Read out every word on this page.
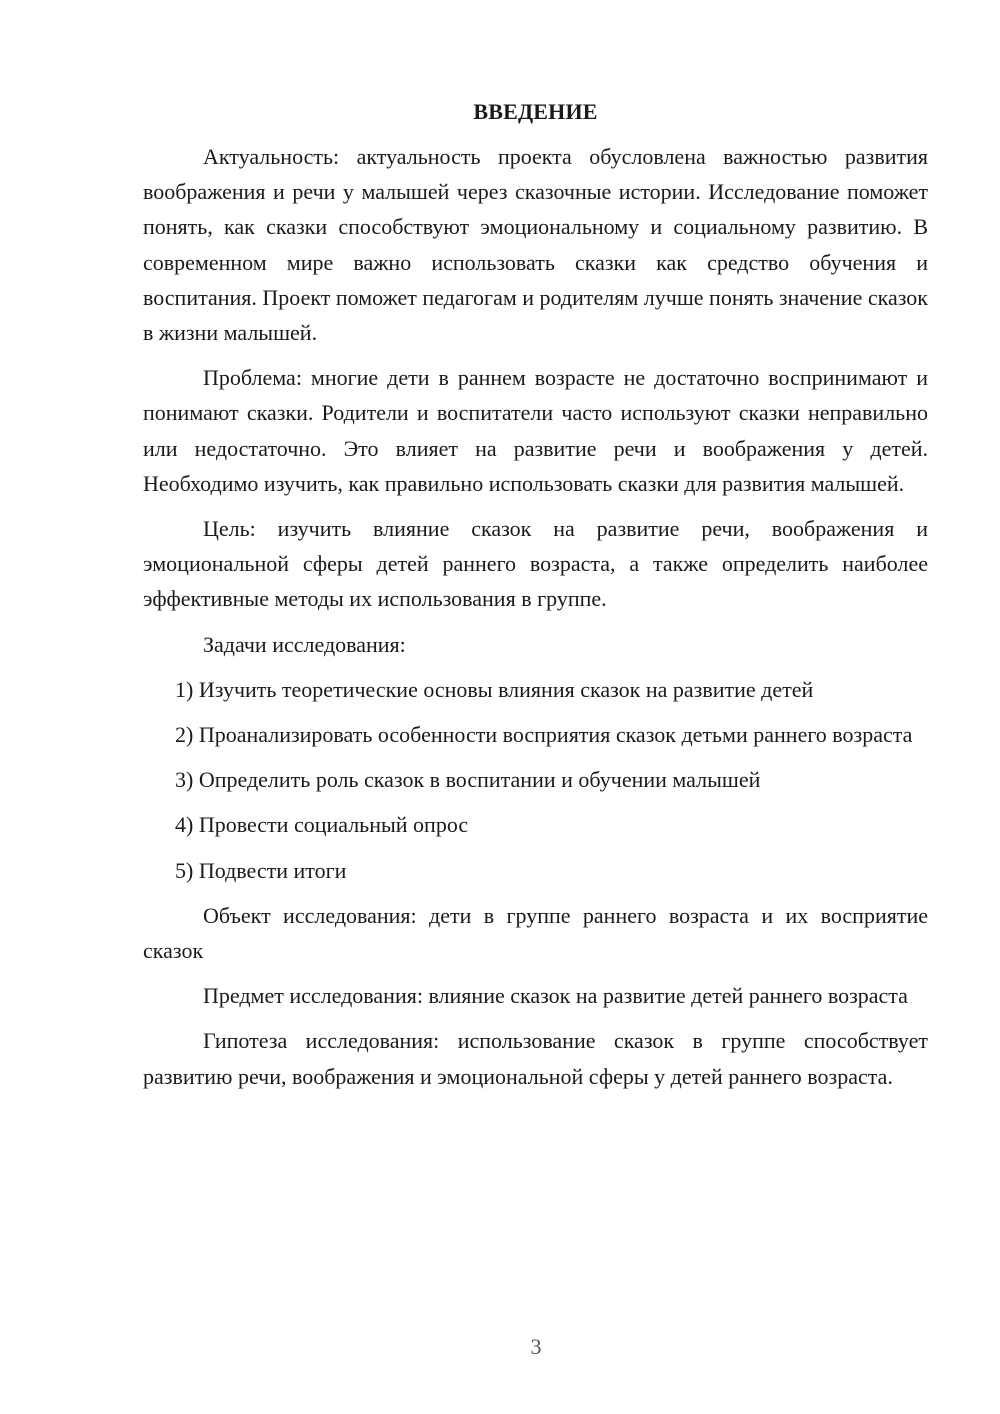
ВВЕДЕНИЕ

Актуальность: актуальность проекта обусловлена важностью развития воображения и речи у малышей через сказочные истории. Исследование поможет понять, как сказки способствуют эмоциональному и социальному развитию. В современном мире важно использовать сказки как средство обучения и воспитания. Проект поможет педагогам и родителям лучше понять значение сказок в жизни малышей.

Проблема: многие дети в раннем возрасте не достаточно воспринимают и понимают сказки. Родители и воспитатели часто используют сказки неправильно или недостаточно. Это влияет на развитие речи и воображения у детей. Необходимо изучить, как правильно использовать сказки для развития малышей.

Цель: изучить влияние сказок на развитие речи, воображения и эмоциональной сферы детей раннего возраста, а также определить наиболее эффективные методы их использования в группе.

Задачи исследования:

1) Изучить теоретические основы влияния сказок на развитие детей

2) Проанализировать особенности восприятия сказок детьми раннего возраста

3) Определить роль сказок в воспитании и обучении малышей

4) Провести социальный опрос

5) Подвести итоги

Объект исследования: дети в группе раннего возраста и их восприятие сказок

Предмет исследования: влияние сказок на развитие детей раннего возраста

Гипотеза исследования: использование сказок в группе способствует развитию речи, воображения и эмоциональной сферы у детей раннего возраста.

3
